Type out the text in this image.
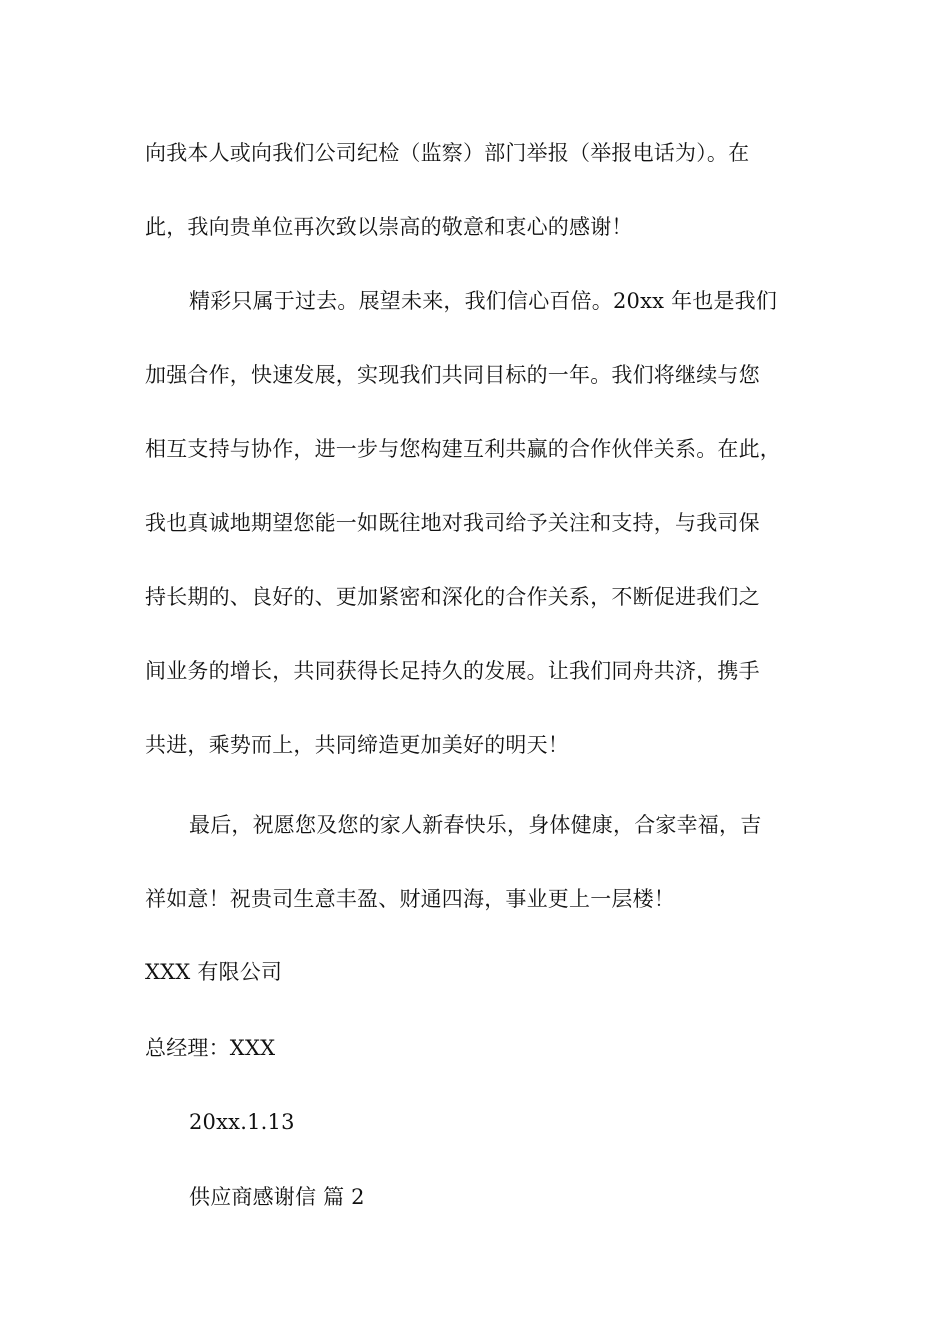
向我本人或向我们公司纪检（监察）部门举报（举报电话为）。在
此，我向贵单位再次致以崇高的敬意和衷心的感谢！
精彩只属于过去。展望未来，我们信心百倍。20xx 年也是我们
加强合作，快速发展，实现我们共同目标的一年。我们将继续与您
相互支持与协作，进一步与您构建互利共赢的合作伙伴关系。在此，
我也真诚地期望您能一如既往地对我司给予关注和支持，与我司保
持长期的、良好的、更加紧密和深化的合作关系，不断促进我们之
间业务的增长，共同获得长足持久的发展。让我们同舟共济，携手
共进，乘势而上，共同缔造更加美好的明天！
最后，祝愿您及您的家人新春快乐，身体健康，合家幸福，吉
祥如意！祝贵司生意丰盈、财通四海，事业更上一层楼！
XXX 有限公司
总经理：XXX
20xx.1.13
供应商感谢信 篇 2
